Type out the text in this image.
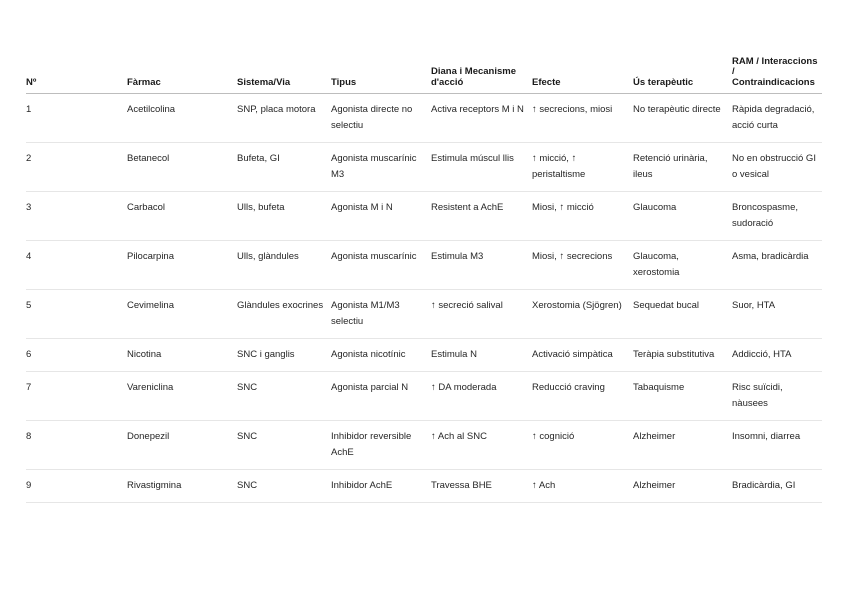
Nº	Fàrmac	Sistema/Via	Tipus	Diana i Mecanisme d'acció	Efecte	Ús terapèutic	RAM / Interaccions / Contraindicacions
1	Acetilcolina	SNP, placa motora	Agonista directe no selectiu	Activa receptors M i N	↑ secrecions, miosi	No terapèutic directe	Ràpida degradació, acció curta
2	Betanecol	Bufeta, GI	Agonista muscarínic M3	Estimula múscul llis	↑ micció, ↑ peristaltisme	Retenció urinària, ileus	No en obstrucció GI o vesical
3	Carbacol	Ulls, bufeta	Agonista M i N	Resistent a AchE	Miosi, ↑ micció	Glaucoma	Broncospasme, sudoració
4	Pilocarpina	Ulls, glàndules	Agonista muscarínic	Estimula M3	Miosi, ↑ secrecions	Glaucoma, xerostomia	Asma, bradicàrdia
5	Cevimelina	Glàndules exocrines	Agonista M1/M3 selectiu	↑ secreció salival	Xerostomia (Sjögren)	Sequedat bucal	Suor, HTA
6	Nicotina	SNC i ganglis	Agonista nicotínic	Estimula N	Activació simpàtica	Teràpia substitutiva	Addicció, HTA
7	Vareniclina	SNC	Agonista parcial N	↑ DA moderada	Reducció craving	Tabaquisme	Risc suïcidi, nàusees
8	Donepezil	SNC	Inhibidor reversible AchE	↑ Ach al SNC	↑ cognició	Alzheimer	Insomni, diarrea
9	Rivastigmina	SNC	Inhibidor AchE	Travessa BHE	↑ Ach	Alzheimer	Bradicàrdia, GI
